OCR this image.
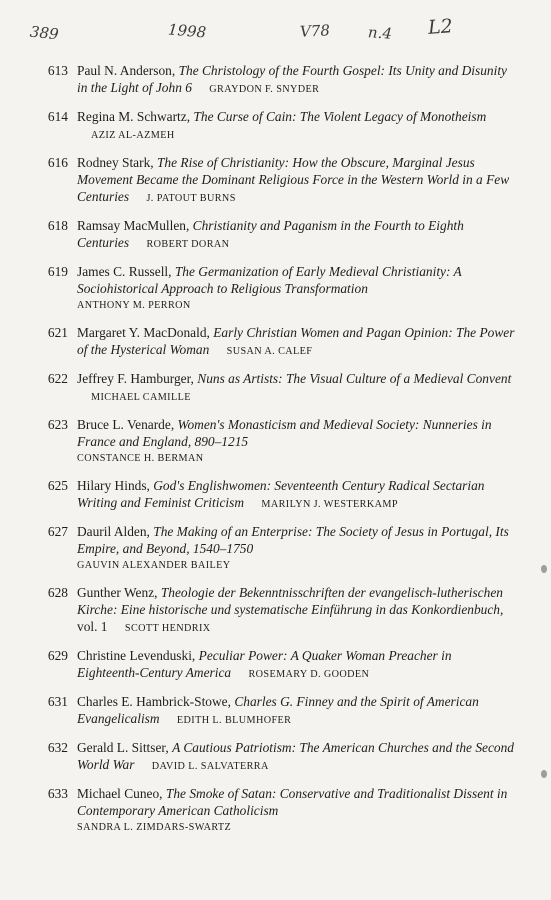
389	1998	V78 n.4 L2
613 Paul N. Anderson, The Christology of the Fourth Gospel: Its Unity and Disunity in the Light of John 6 GRAYDON F. SNYDER
614 Regina M. Schwartz, The Curse of Cain: The Violent Legacy of Monotheism AZIZ AL-AZMEH
616 Rodney Stark, The Rise of Christianity: How the Obscure, Marginal Jesus Movement Became the Dominant Religious Force in the Western World in a Few Centuries J. PATOUT BURNS
618 Ramsay MacMullen, Christianity and Paganism in the Fourth to Eighth Centuries ROBERT DORAN
619 James C. Russell, The Germanization of Early Medieval Christianity: A Sociohistorical Approach to Religious Transformation
ANTHONY M. PERRON
621 Margaret Y. MacDonald, Early Christian Women and Pagan Opinion: The Power of the Hysterical Woman SUSAN A. CALEF
622 Jeffrey F. Hamburger, Nuns as Artists: The Visual Culture of a Medieval Convent MICHAEL CAMILLE
623 Bruce L. Venarde, Women's Monasticism and Medieval Society: Nunneries in France and England, 890–1215
CONSTANCE H. BERMAN
625 Hilary Hinds, God's Englishwomen: Seventeenth Century Radical Sectarian Writing and Feminist Criticism MARILYN J. WESTERKAMP
627 Dauril Alden, The Making of an Enterprise: The Society of Jesus in Portugal, Its Empire, and Beyond, 1540–1750
GAUVIN ALEXANDER BAILEY
628 Gunther Wenz, Theologie der Bekenntnisschriften der evangelisch-lutherischen Kirche: Eine historische und systematische Einführung in das Konkordienbuch, vol. 1 SCOTT HENDRIX
629 Christine Levenduski, Peculiar Power: A Quaker Woman Preacher in Eighteenth-Century America ROSEMARY D. GOODEN
631 Charles E. Hambrick-Stowe, Charles G. Finney and the Spirit of American Evangelicalism EDITH L. BLUMHOFER
632 Gerald L. Sittser, A Cautious Patriotism: The American Churches and the Second World War DAVID L. SALVATERRA
633 Michael Cuneo, The Smoke of Satan: Conservative and Traditionalist Dissent in Contemporary American Catholicism
SANDRA L. ZIMDARS-SWARTZ
